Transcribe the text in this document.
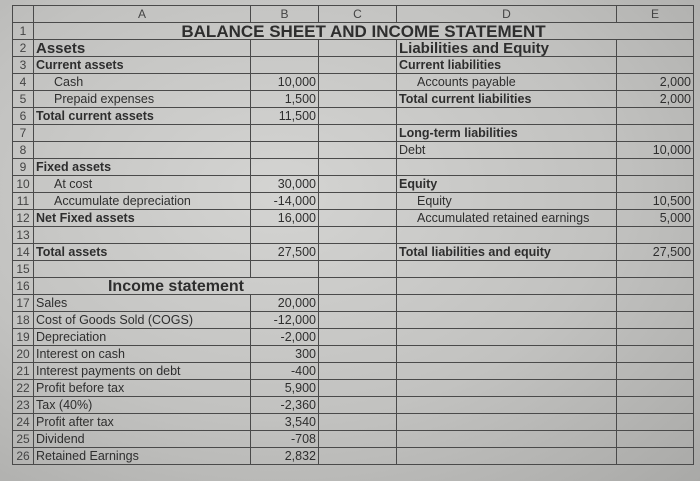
	A	B	C	D	E
1	BALANCE SHEET AND INCOME STATEMENT				
2	Assets			Liabilities and Equity	
3	Current assets			Current liabilities	
4	Cash	10,000		Accounts payable	2,000
5	Prepaid expenses	1,500		Total current liabilities	2,000
6	Total current assets	11,500			
7				Long-term liabilities	
8				Debt	10,000
9	Fixed assets				
10	At cost	30,000		Equity	
11	Accumulate depreciation	-14,000		Equity	10,500
12	Net Fixed assets	16,000		Accumulated retained earnings	5,000
13					
14	Total assets	27,500		Total liabilities and equity	27,500
15					
16	Income statement				
17	Sales	20,000			
18	Cost of Goods Sold (COGS)	-12,000			
19	Depreciation	-2,000			
20	Interest on cash	300			
21	Interest payments on debt	-400			
22	Profit before tax	5,900			
23	Tax (40%)	-2,360			
24	Profit after tax	3,540			
25	Dividend	-708			
26	Retained Earnings	2,832			
